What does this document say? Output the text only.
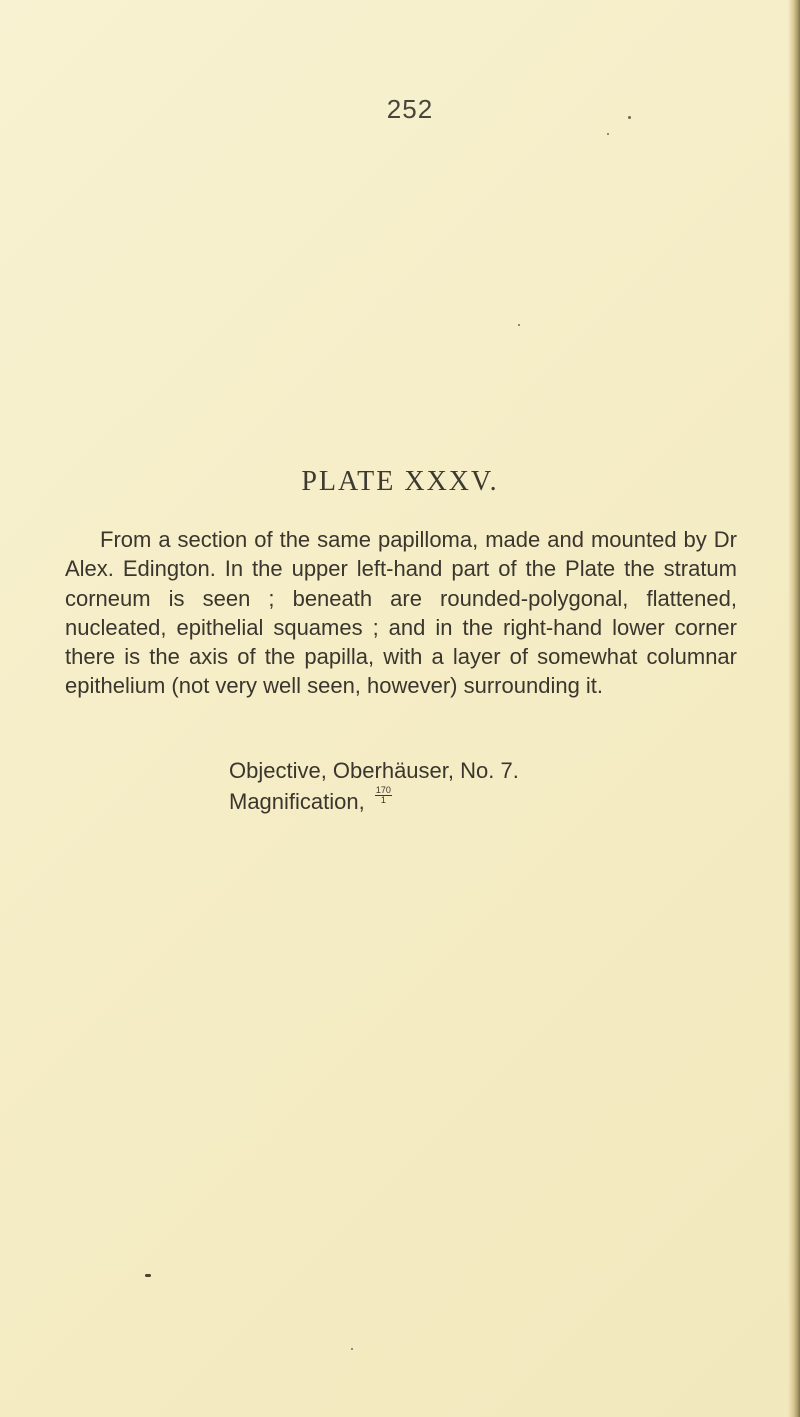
252
PLATE XXXV.

From a section of the same papilloma, made and mounted by Dr Alex. Edington. In the upper left-hand part of the Plate the stratum corneum is seen ; beneath are rounded-polygonal, flattened, nucleated, epithelial squames ; and in the right-hand lower corner there is the axis of the papilla, with a layer of somewhat columnar epithelium (not very well seen, however) surrounding it.

Objective, Oberhäuser, No. 7.
Magnification, $\frac{170}{1}$
